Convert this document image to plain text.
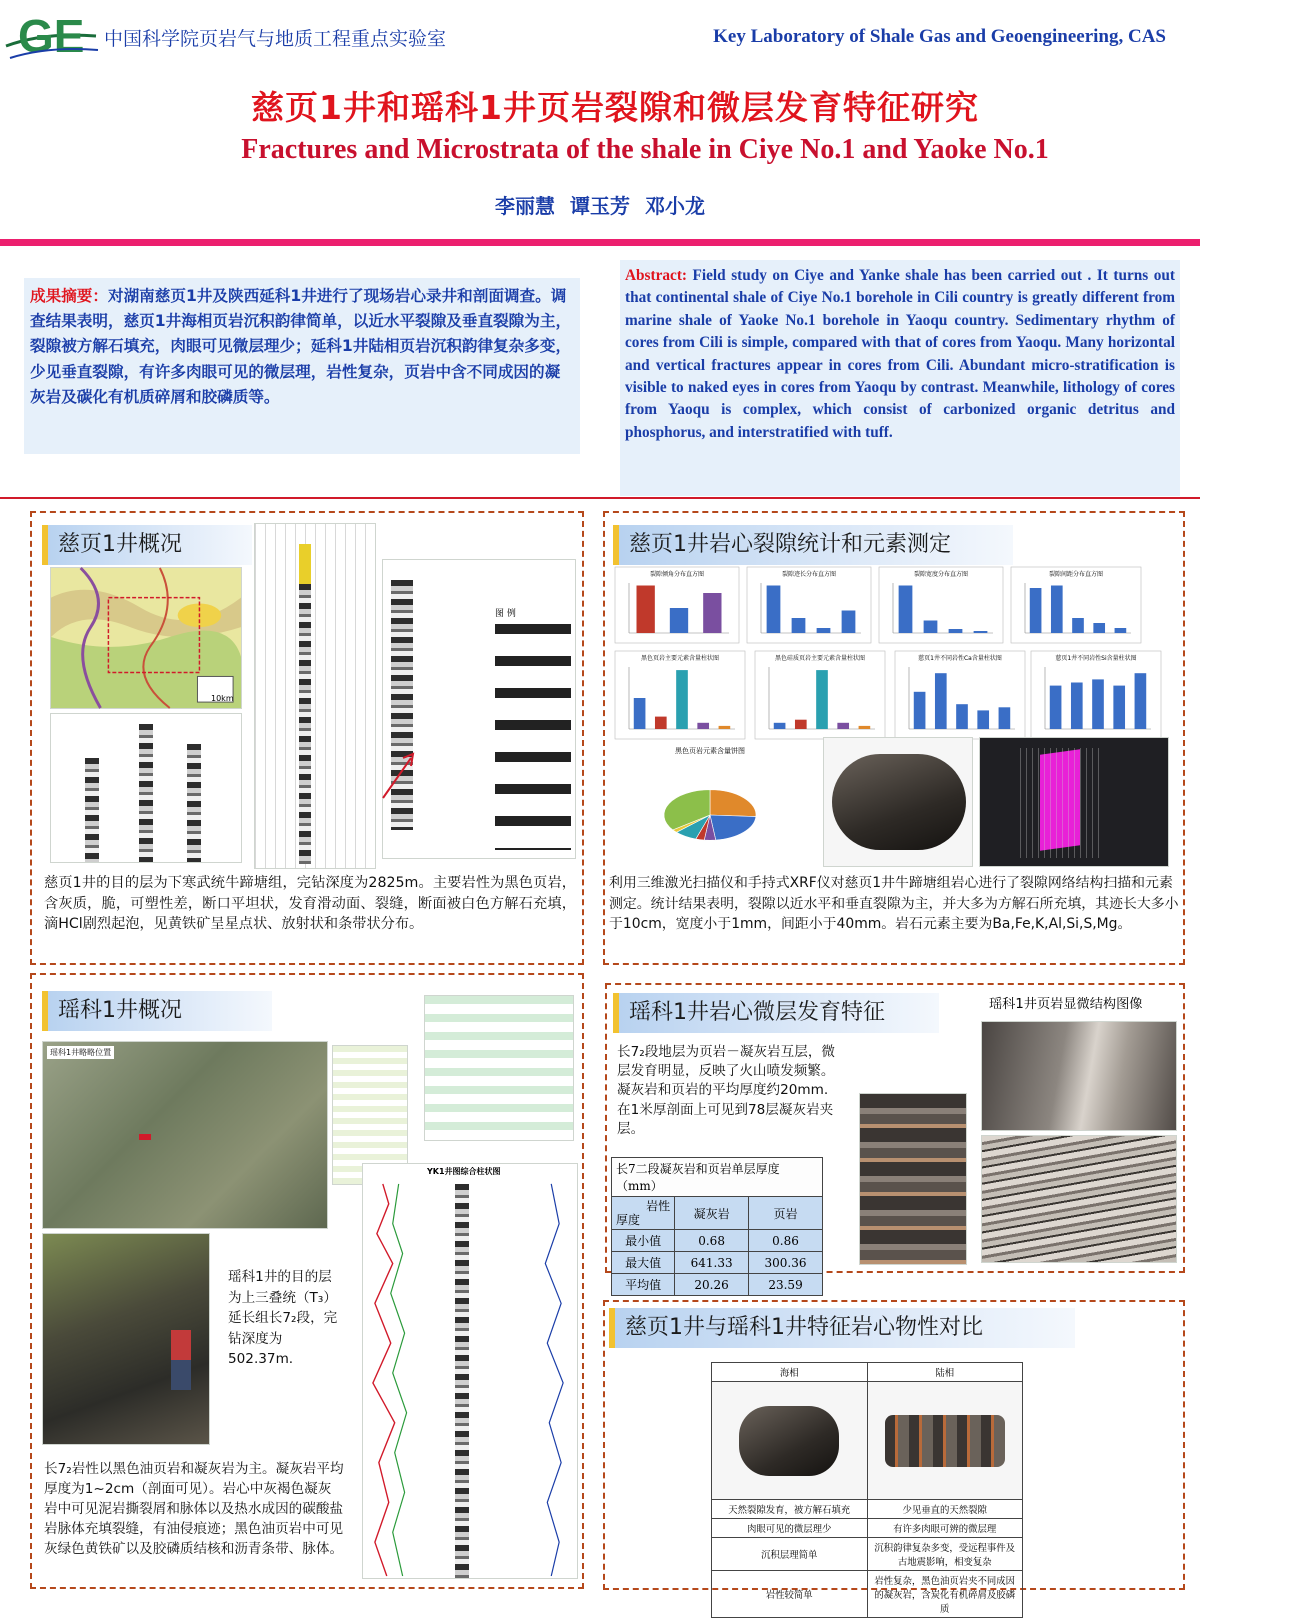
GE 中国科学院页岩气与地质工程重点实验室	Key Laboratory of Shale Gas and Geoengineering, CAS
慈页1井和瑶科1井页岩裂隙和微层发育特征研究
Fractures and Microstrata of the shale in Ciye No.1 and Yaoke No.1
李丽慧 谭玉芳 邓小龙
成果摘要：对湖南慈页1井及陕西延科1井进行了现场岩心录井和剖面调查。调查结果表明，慈页1井海相页岩沉积韵律简单，以近水平裂隙及垂直裂隙为主，裂隙被方解石填充，肉眼可见微层理少；延科1井陆相页岩沉积韵律复杂多变，少见垂直裂隙，有许多肉眼可见的微层理，岩性复杂，页岩中含不同成因的凝灰岩及碳化有机质碎屑和胶磷质等。
Abstract: Field study on Ciye and Yanke shale has been carried out . It turns out that continental shale of Ciye No.1 borehole in Cili country is greatly different from marine shale of Yaoke No.1 borehole in Yaoqu country. Sedimentary rhythm of cores from Cili is simple, compared with that of cores from Yaoqu. Many horizontal and vertical fractures appear in cores from Cili. Abundant micro-stratification is visible to naked eyes in cores from Yaoqu by contrast. Meanwhile, lithology of cores from Yaoqu is complex, which consist of carbonized organic detritus and phosphorus, and interstratified with tuff.
慈页1井概况
10km
图 例
慈页1井的目的层为下寒武统牛蹄塘组，完钻深度为2825m。主要岩性为黑色页岩，含灰质，脆，可塑性差，断口平坦状，发育滑动面、裂缝，断面被白色方解石充填，滴HCl剧烈起泡，见黄铁矿呈星点状、放射状和条带状分布。
慈页1井岩心裂隙统计和元素测定
裂隙倾角分布直方图	裂隙迹长分布直方图	裂隙宽度分布直方图	裂隙间距分布直方图
黑色页岩主要元素含量柱状图	黑色硅质页岩主要元素含量柱状图	慈页1井不同岩性Ca含量柱状图	慈页1井不同岩性Si含量柱状图
黑色页岩元素含量饼图
利用三维激光扫描仪和手持式XRF仪对慈页1井牛蹄塘组岩心进行了裂隙网络结构扫描和元素测定。统计结果表明，裂隙以近水平和垂直裂隙为主，并大多为方解石所充填，其迹长大多小于10cm，宽度小于1mm，间距小于40mm。岩石元素主要为Ba,Fe,K,Al,Si,S,Mg。
瑶科1井概况
瑶科1井略略位置
瑶科1井的目的层为上三叠统（T₃）延长组长7₂段，完钻深度为502.37m.
YK1井图综合柱状图
长7₂岩性以黑色油页岩和凝灰岩为主。凝灰岩平均厚度为1~2cm（剖面可见）。岩心中灰褐色凝灰岩中可见泥岩撕裂屑和脉体以及热水成因的碳酸盐岩脉体充填裂缝，有油侵痕迹；黑色油页岩中可见灰绿色黄铁矿以及胶磷质结核和沥青条带、脉体。
瑶科1井岩心微层发育特征	瑶科1井页岩显微结构图像
长7₂段地层为页岩－凝灰岩互层，微层发育明显，反映了火山喷发频繁。凝灰岩和页岩的平均厚度约20mm.在1米厚剖面上可见到78层凝灰岩夹层。
长7二段凝灰岩和页岩单层厚度（mm）		

岩性
厚度	凝灰岩	页岩
最小值	0.68	0.86
最大值	641.33	300.36
平均值	20.26	23.59
慈页1井与瑶科1井特征岩心物性对比
海相	陆相

天然裂隙发育，被方解石填充	少见垂直的天然裂隙
肉眼可见的微层理少	有许多肉眼可辨的微层理
沉积层理简单	沉积韵律复杂多变，受远程事件及古地震影响，相变复杂
岩性较简单	岩性复杂，黑色油页岩夹不同成因的凝灰岩，含炭化有机碎屑及胶磷质
